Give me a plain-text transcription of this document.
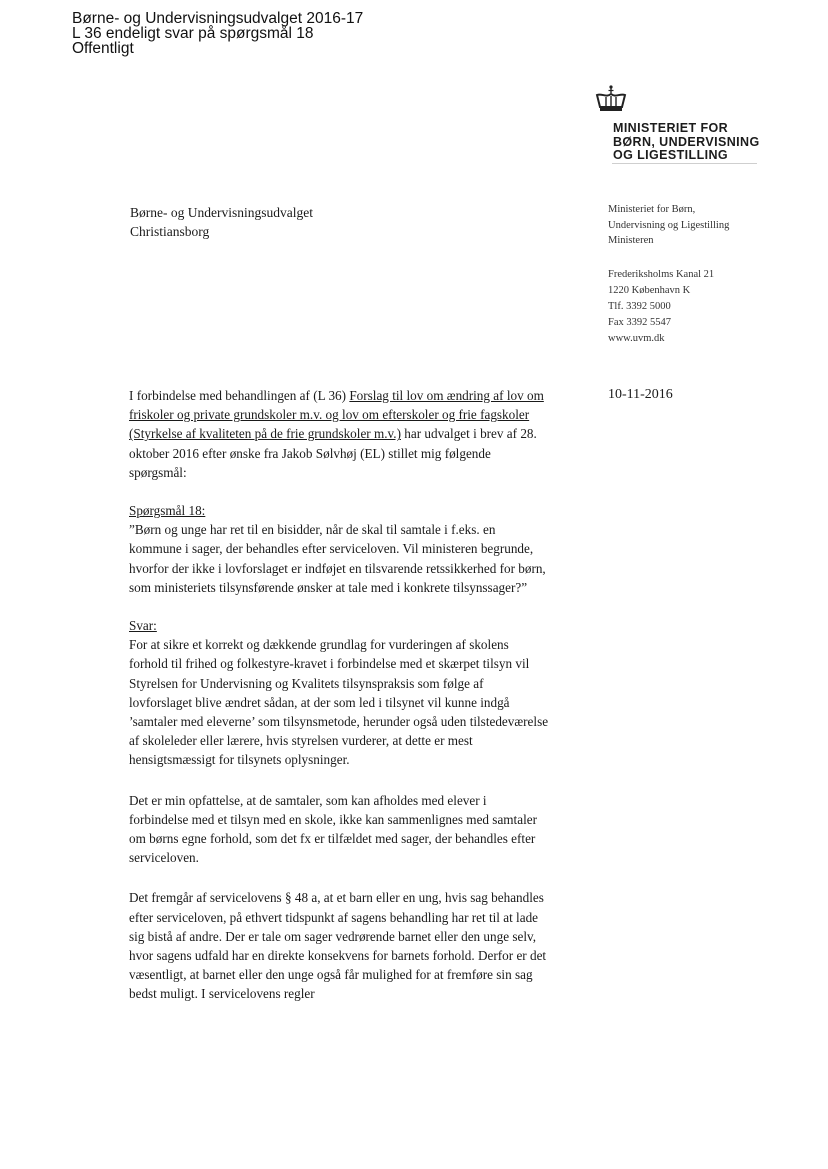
Børne- og Undervisningsudvalget 2016-17
L 36 endeligt svar på spørgsmål 18
Offentligt
MINISTERIET FOR
BØRN, UNDERVISNING
OG LIGESTILLING
Børne- og Undervisningsudvalget
Christiansborg
Ministeriet for Børn,
Undervisning og Ligestilling
Ministeren
Frederiksholms Kanal 21
1220 København K
Tlf. 3392 5000
Fax 3392 5547
www.uvm.dk
10-11-2016

I forbindelse med behandlingen af (L 36) Forslag til lov om ændring af lov om friskoler og private grundskoler m.v. og lov om efterskoler og frie fagskoler (Styrkelse af kvaliteten på de frie grundskoler m.v.) har udvalget i brev af 28. oktober 2016 efter ønske fra Jakob Sølvhøj (EL) stillet mig følgende spørgsmål:

Spørgsmål 18:

”Børn og unge har ret til en bisidder, når de skal til samtale i f.eks. en kommune i sager, der behandles efter serviceloven. Vil ministeren begrunde, hvorfor der ikke i lovforslaget er indføjet en tilsvarende retssikkerhed for børn, som ministeriets tilsynsførende ønsker at tale med i konkrete tilsynssager?”

Svar:

For at sikre et korrekt og dækkende grundlag for vurderingen af skolens forhold til frihed og folkestyre-kravet i forbindelse med et skærpet tilsyn vil Styrelsen for Undervisning og Kvalitets tilsynspraksis som følge af lovforslaget blive ændret sådan, at der som led i tilsynet vil kunne indgå ’samtaler med eleverne’ som tilsynsmetode, herunder også uden tilstedeværelse af skoleleder eller lærere, hvis styrelsen vurderer, at dette er mest hensigtsmæssigt for tilsynets oplysninger.

Det er min opfattelse, at de samtaler, som kan afholdes med elever i forbindelse med et tilsyn med en skole, ikke kan sammenlignes med samtaler om børns egne forhold, som det fx er tilfældet med sager, der behandles efter serviceloven.

Det fremgår af servicelovens § 48 a, at et barn eller en ung, hvis sag behandles efter serviceloven, på ethvert tidspunkt af sagens behandling har ret til at lade sig bistå af andre. Der er tale om sager vedrørende barnet eller den unge selv, hvor sagens udfald har en direkte konsekvens for barnets forhold. Derfor er det væsentligt, at barnet eller den unge også får mulighed for at fremføre sin sag bedst muligt. I servicelovens regler
